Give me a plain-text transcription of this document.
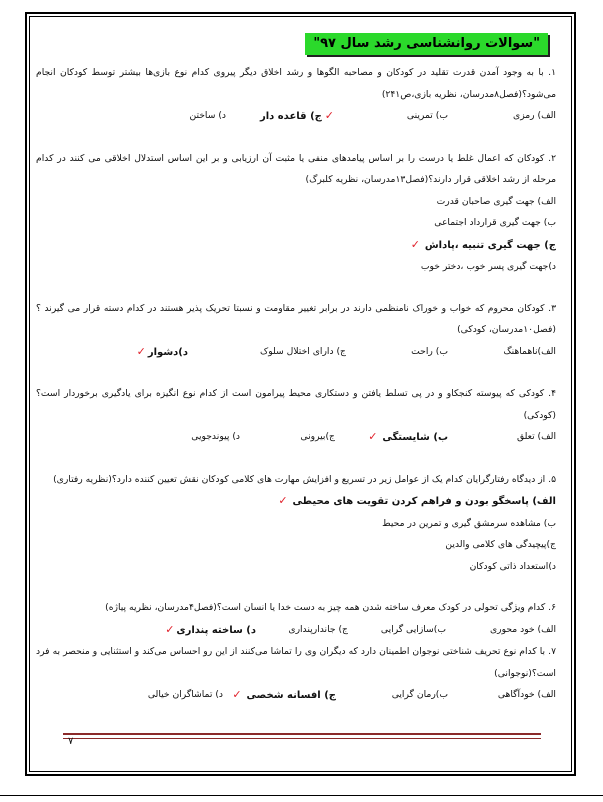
"سوالات روانشناسی رشد سال ۹۷"

۱. با به وجود آمدن قدرت تقلید در کودکان و مصاحبه الگوها و رشد اخلاق دیگر پیروی کدام نوع بازی‌ها بیشتر توسط کودکان انجام می‌شود؟(فصل۸مدرسان، نظریه بازی،ص۲۴۱)

الف) رمزی
ب) تمرینی
✓ ج) قاعده دار
د) ساختن

۲. کودکان که اعمال غلط یا درست را بر اساس پیامدهای منفی یا مثبت آن ارزیابی و بر این اساس استدلال اخلاقی می کنند در کدام مرحله از رشد اخلاقی قرار دارند؟(فصل۱۳مدرسان، نظریه کلبرگ)

الف) جهت گیری صاحبان قدرت

ب) جهت گیری قرارداد اجتماعی

ج) جهت گیری تنبیه ،پاداش ✓

د)جهت گیری پسر خوب ،دختر خوب

۳. کودکان محروم که خواب و خوراک نامنظمی دارند در برابر تغییر مقاومت و نسبتا تحریک پذیر هستند در کدام دسته قرار می گیرند ؟(فصل۱۰مدرسان، کودکی)

الف)ناهماهنگ
ب) راحت
ج) دارای اختلال سلوک
د)دشوار✓

۴. کودکی که پیوسته کنجکاو و در پی تسلط یافتن و دستکاری محیط پیرامون است از کدام نوع انگیزه برای یادگیری برخوردار است؟(کودکی)

الف) تعلق
ب) شایستگی ✓
ج)بیرونی
د) پیوندجویی

۵. از دیدگاه رفتارگرایان کدام یک از عوامل زیر در تسریع و افزایش مهارت های کلامی کودکان نقش تعیین کننده دارد؟(نظریه رفتاری)

الف) پاسخگو بودن و فراهم کردن تقویت های محیطی ✓

ب) مشاهده سرمشق گیری و تمرین در محیط

ج)پیچیدگی های کلامی والدین

د)استعداد ذاتی کودکان

۶. کدام ویژگی تحولی در کودک معرف ساخته شدن همه چیز به دست خدا یا انسان است؟(فصل۴مدرسان، نظریه پیاژه)

الف) خود محوری
ب)سازایی گرایی
ج) جاندارپنداری
د) ساخته پنداری✓

۷. با کدام نوع تحریف شناختی نوجوان اطمینان دارد که دیگران وی را تماشا می‌کنند از این رو احساس می‌کند و استثنایی و منحصر به فرد است؟(نوجوانی)

الف) خودآگاهی
ب)رمان گرایی
ج) افسانه شخصی ✓
د) تماشاگران خیالی
۷
